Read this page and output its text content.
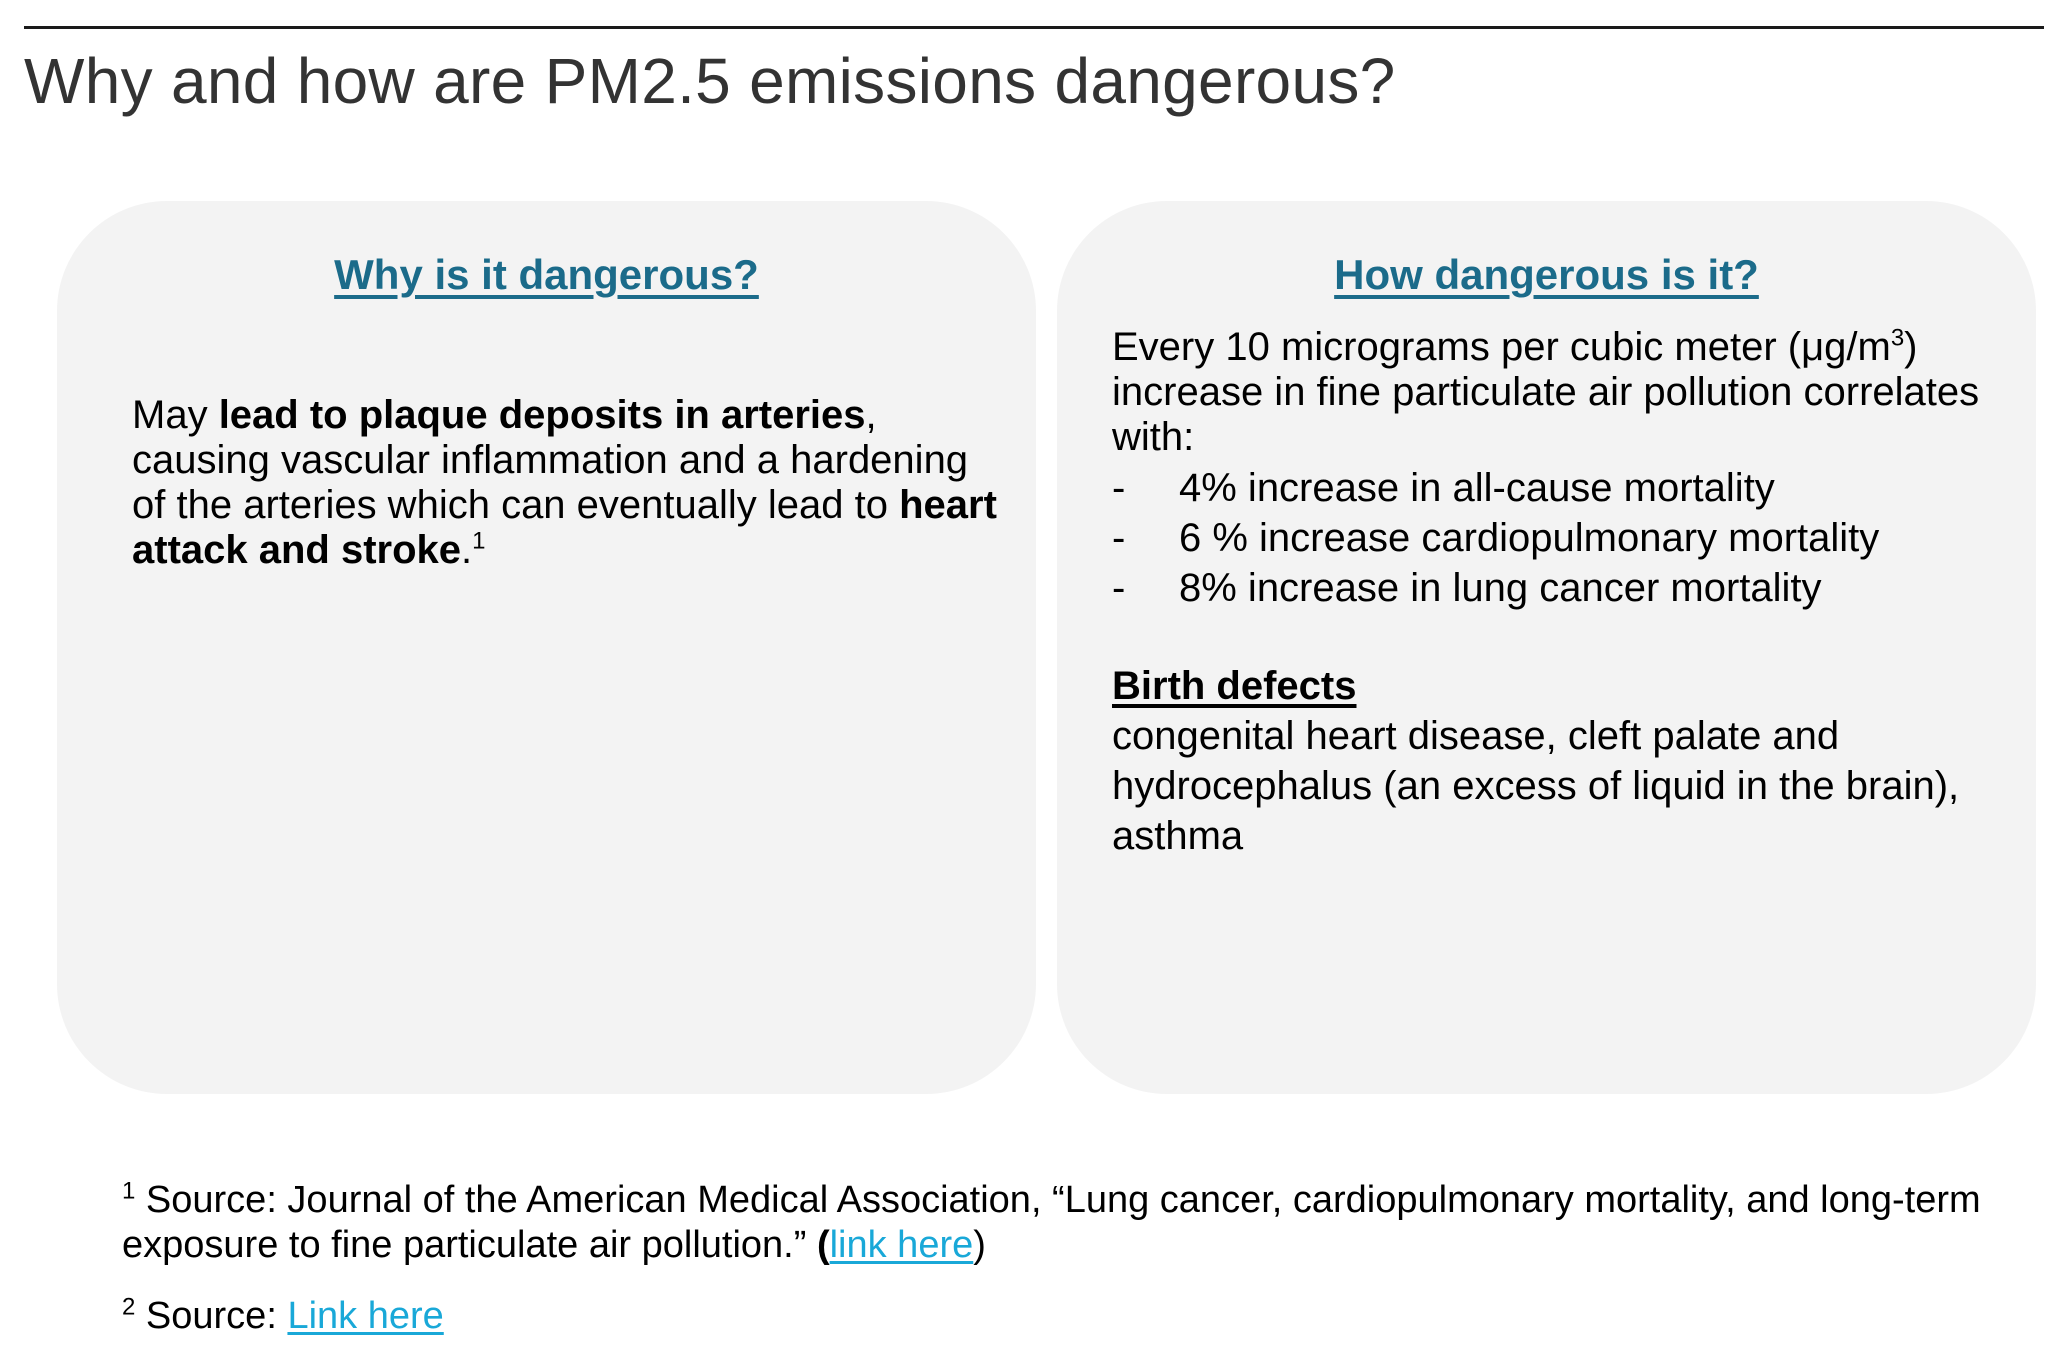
Why and how are PM2.5 emissions dangerous?
Why is it dangerous?
May lead to plaque deposits in arteries, causing vascular inflammation and a hardening of the arteries which can eventually lead to heart attack and stroke.$^1$
How dangerous is it?
Every 10 micrograms per cubic meter $(\mu g/m^3)$ increase in fine particulate air pollution correlates with:
- 4% increase in all-cause mortality
- 6 % increase cardiopulmonary mortality
- 8% increase in lung cancer mortality
Birth defects
congenital heart disease, cleft palate and hydrocephalus (an excess of liquid in the brain), asthma
$^1$ Source: Journal of the American Medical Association, “Lung cancer, cardiopulmonary mortality, and long-term exposure to fine particulate air pollution.” (link here)
$^2$ Source: Link here
